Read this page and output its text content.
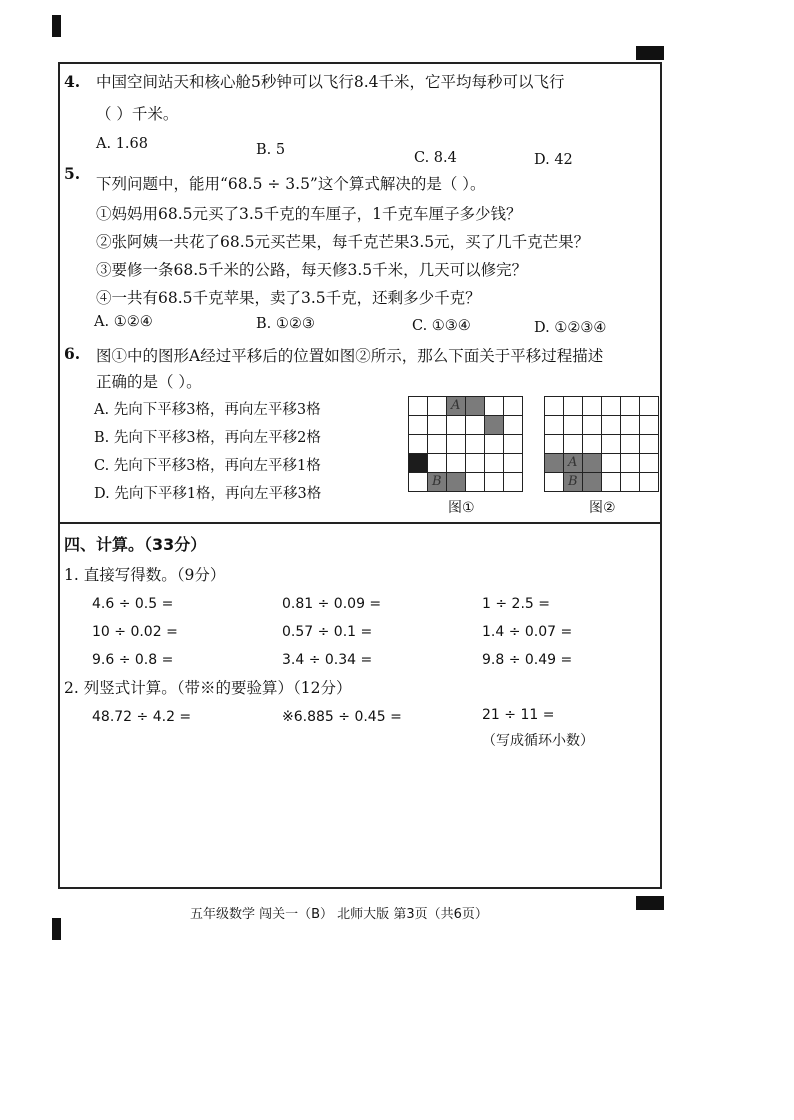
4. 中国空间站天和核心舱5秒钟可以飞行8.4千米，它平均每秒可以飞行
（ ）千米。
A. 1.68	B. 5	C. 8.4	D. 42
5.
下列问题中，能用“68.5 ÷ 3.5”这个算式解决的是（ ）。
①妈妈用68.5元买了3.5千克的车厘子，1千克车厘子多少钱？
②张阿姨一共花了68.5元买芒果，每千克芒果3.5元，买了几千克芒果？
③要修一条68.5千米的公路，每天修3.5千米，几天可以修完？
④一共有68.5千克苹果，卖了3.5千克，还剩多少千克？
A. ①②④	B. ①②③	C. ①③④	D. ①②③④
6. 图①中的图形A经过平移后的位置如图②所示，那么下面关于平移过程描述
正确的是（ ）。
A. 先向下平移3格，再向左平移3格
B. 先向下平移3格，再向左平移2格
C. 先向下平移3格，再向左平移1格
D. 先向下平移1格，再向左平移3格
A
B
图①
A
B
图②
四、计算。（33分）
1. 直接写得数。（9分）
4.6 ÷ 0.5 =	0.81 ÷ 0.09 =	1 ÷ 2.5 =
10 ÷ 0.02 =	0.57 ÷ 0.1 =	1.4 ÷ 0.07 =
9.6 ÷ 0.8 =	3.4 ÷ 0.34 =	9.8 ÷ 0.49 =
2. 列竖式计算。（带※的要验算）（12分）
48.72 ÷ 4.2 =	※6.885 ÷ 0.45 =	21 ÷ 11 =
（写成循环小数）
五年级数学 闯关一（B） 北师大版 第3页（共6页）
